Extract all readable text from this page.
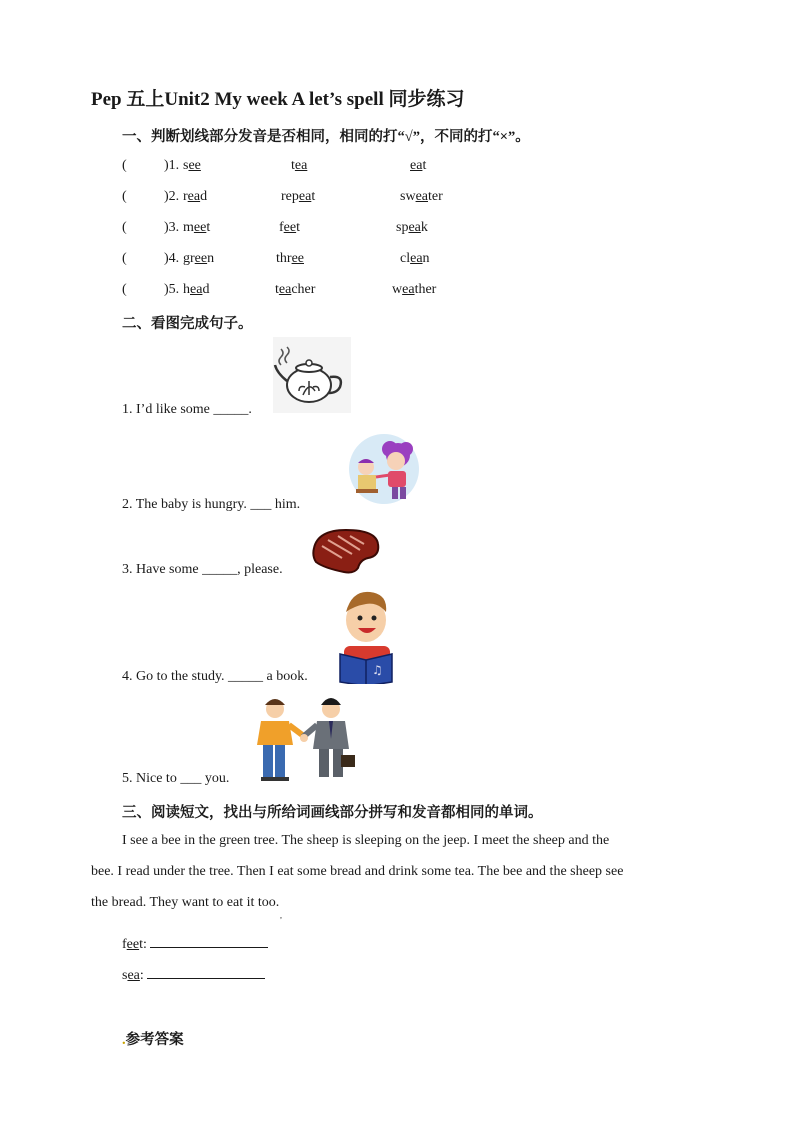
Pep 五上Unit2 My week A let’s spell 同步练习
一、判断划线部分发音是否相同，相同的打“√”，不同的打“×”。
(	)1. see	tea	eat
(	)2. read	repeat	sweater
(	)3. meet	feet	speak
(	)4. green	three	clean
(	)5. head	teacher	weather
二、看图完成句子。
♫
1. I’d like some _____.
2. The baby is hungry. ___ him.
3. Have some _____, please.
4. Go to the study. _____ a book.
5. Nice to ___ you.
三、阅读短文，找出与所给词画线部分拼写和发音都相同的单词。
I see a bee in the green tree. The sheep is sleeping on the jeep. I meet the sheep and the
bee. I read under the tree. Then I eat some bread and drink some tea. The bee and the sheep see
the bread. They want to eat it too.
,
feet:
sea:
.参考答案
